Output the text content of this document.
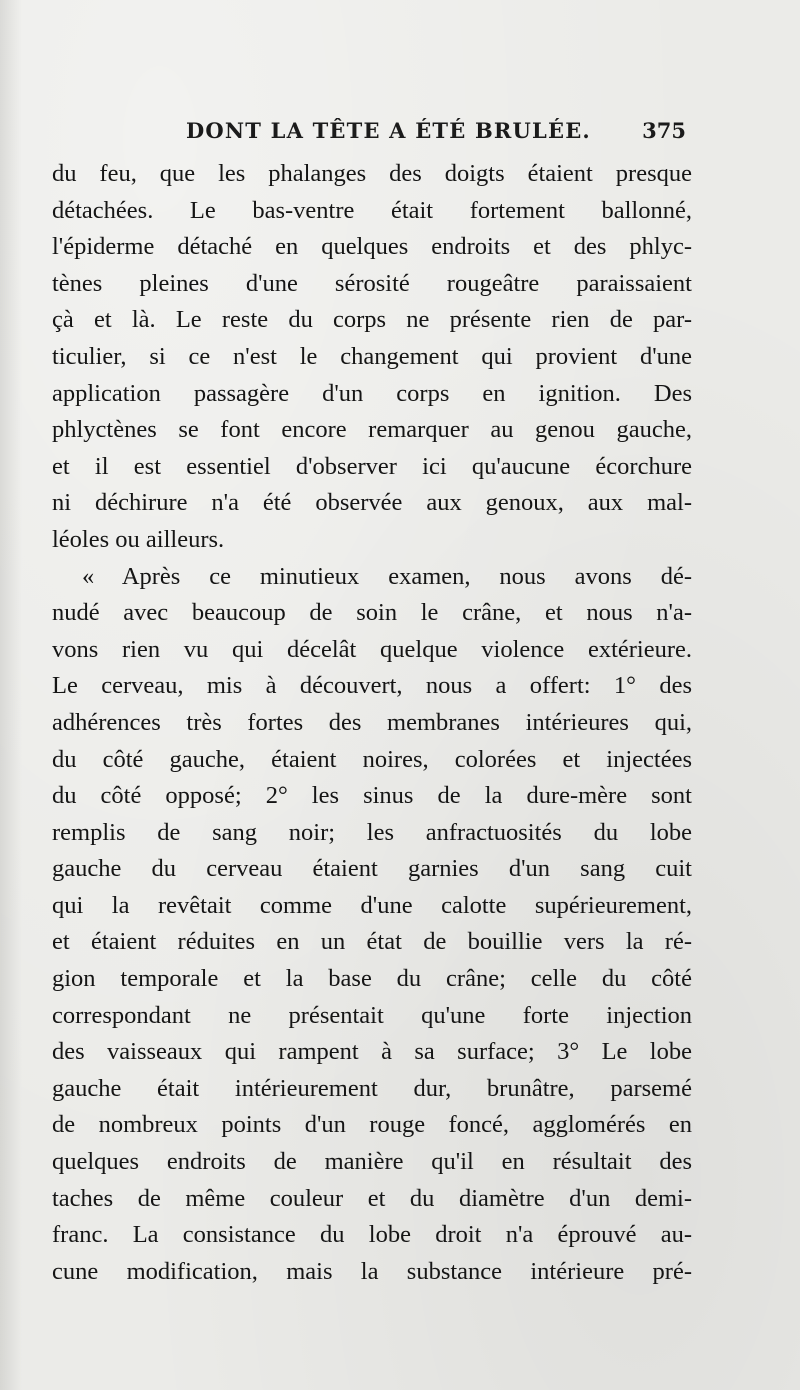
DONT LA TÊTE A ÉTÉ BRULÉE. 375
du feu, que les phalanges des doigts étaient presque
détachées. Le bas-ventre était fortement ballonné,
l'épiderme détaché en quelques endroits et des phlyc-
tènes pleines d'une sérosité rougeâtre paraissaient
çà et là. Le reste du corps ne présente rien de par-
ticulier, si ce n'est le changement qui provient d'une
application passagère d'un corps en ignition. Des
phlyctènes se font encore remarquer au genou gauche,
et il est essentiel d'observer ici qu'aucune écorchure
ni déchirure n'a été observée aux genoux, aux mal-
léoles ou ailleurs.
« Après ce minutieux examen, nous avons dé-
nudé avec beaucoup de soin le crâne, et nous n'a-
vons rien vu qui décelât quelque violence extérieure.
Le cerveau, mis à découvert, nous a offert: 1° des
adhérences très fortes des membranes intérieures qui,
du côté gauche, étaient noires, colorées et injectées
du côté opposé; 2° les sinus de la dure-mère sont
remplis de sang noir; les anfractuosités du lobe
gauche du cerveau étaient garnies d'un sang cuit
qui la revêtait comme d'une calotte supérieurement,
et étaient réduites en un état de bouillie vers la ré-
gion temporale et la base du crâne; celle du côté
correspondant ne présentait qu'une forte injection
des vaisseaux qui rampent à sa surface; 3° Le lobe
gauche était intérieurement dur, brunâtre, parsemé
de nombreux points d'un rouge foncé, agglomérés en
quelques endroits de manière qu'il en résultait des
taches de même couleur et du diamètre d'un demi-
franc. La consistance du lobe droit n'a éprouvé au-
cune modification, mais la substance intérieure pré-
